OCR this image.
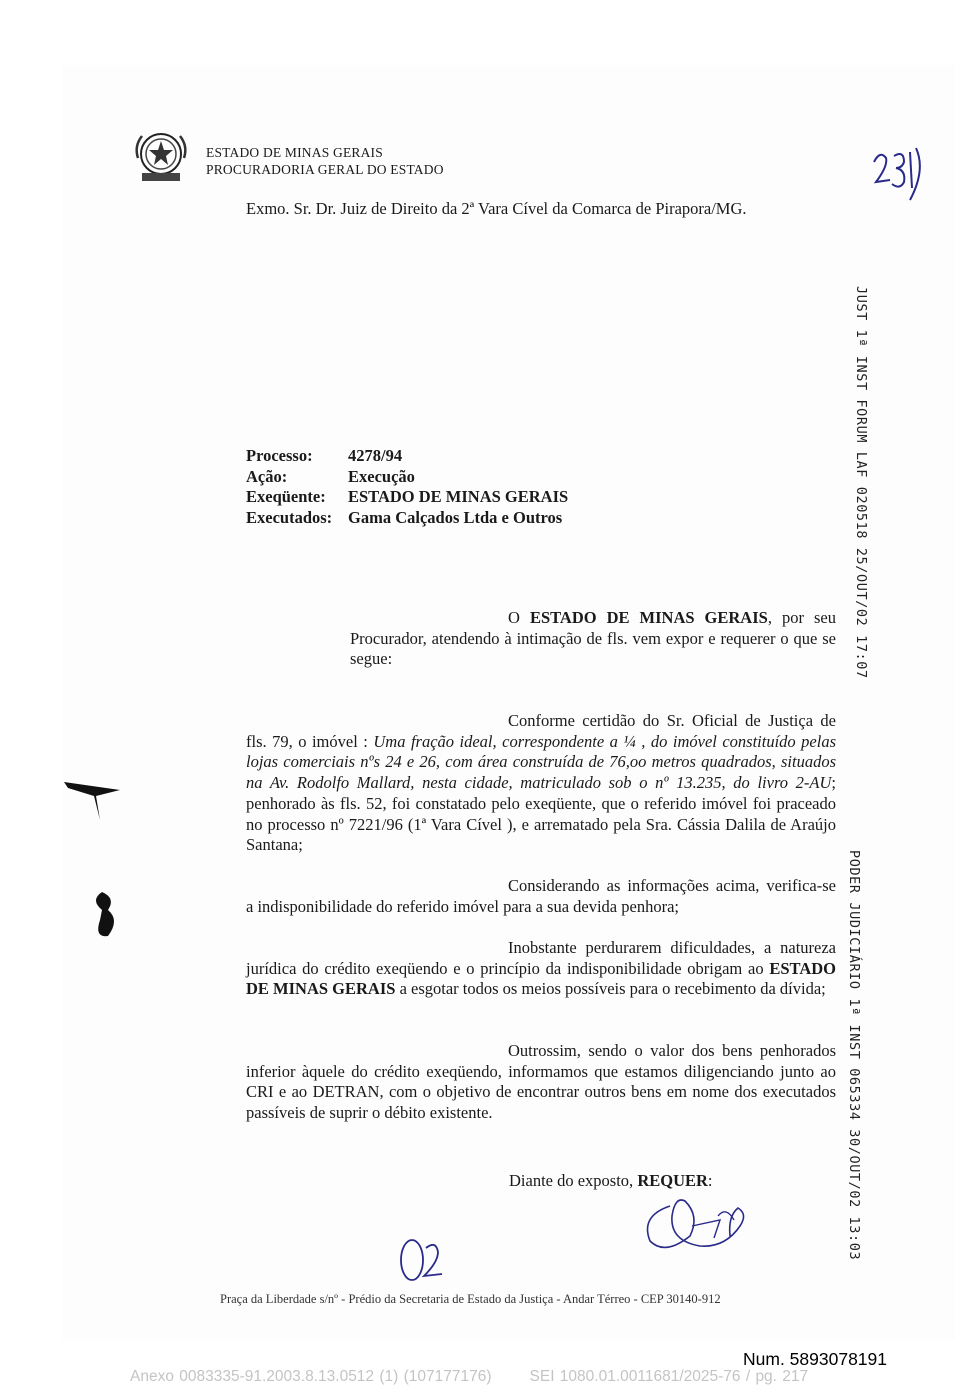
ESTADO DE MINAS GERAIS
PROCURADORIA GERAL DO ESTADO
Exmo. Sr. Dr. Juiz de Direito da 2ª Vara Cível da Comarca de Pirapora/MG.
JUST 1ª INST FORUM LAF 020518 25/OUT/02 17:07
PODER JUDICIÁRIO 1ª INST 065334 30/OUT/02 13:03
Processo:	4278/94
Ação:	Execução
Exeqüente:	ESTADO DE MINAS GERAIS
Executados: Gama Calçados Ltda e Outros
O ESTADO DE MINAS GERAIS, por seu Procurador, atendendo à intimação de fls. vem expor e requerer o que se segue:
Conforme certidão do Sr. Oficial de Justiça de fls. 79, o imóvel : Uma fração ideal, correspondente a ¼ , do imóvel constituído pelas lojas comerciais nºs 24 e 26, com área construída de 76,oo metros quadrados, situados na Av. Rodolfo Mallard, nesta cidade, matriculado sob o nº 13.235, do livro 2-AU; penhorado às fls. 52, foi constatado pelo exeqüente, que o referido imóvel foi praceado no processo nº 7221/96 (1ª Vara Cível ), e arrematado pela Sra. Cássia Dalila de Araújo Santana;
Considerando as informações acima, verifica-se a indisponibilidade do referido imóvel para a sua devida penhora;
Inobstante perdurarem dificuldades, a natureza jurídica do crédito exeqüendo e o princípio da indisponibilidade obrigam ao ESTADO DE MINAS GERAIS a esgotar todos os meios possíveis para o recebimento da dívida;
Outrossim, sendo o valor dos bens penhorados inferior àquele do crédito exeqüendo, informamos que estamos diligenciando junto ao CRI e ao DETRAN, com o objetivo de encontrar outros bens em nome dos executados passíveis de suprir o débito existente.
Diante do exposto, REQUER:
Praça da Liberdade s/nº - Prédio da Secretaria de Estado da Justiça - Andar Térreo - CEP 30140-912
Num. 5893078191
Anexo 0083335-91.2003.8.13.0512 (1) (107177176) SEI 1080.01.0011681/2025-76 / pg. 217
